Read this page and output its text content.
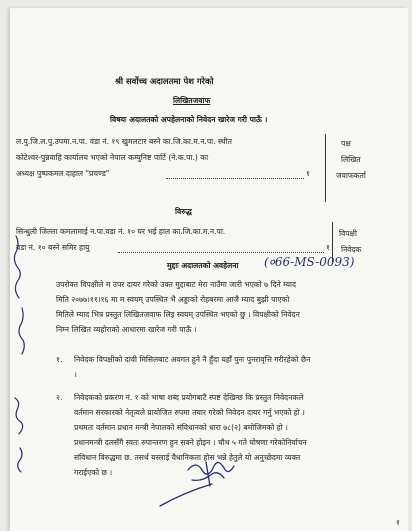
श्री सर्वोच्च अदालतमा पेश गरेको
लिखितजवाफ
विषयः अदालतको अपहेलनाको निवेदन खारेज गरी पाऊँ ।
ल.पु.जि.ल.पु.उपमा.न.पा. वडा नं. १९ खुमलटार बस्ने का.जि.का.म.न.पा. स्थीत
कोटेश्वर-पुन्नवाहि कार्यालय भएको नेपाल कम्युनिष्ट पार्टि (ने.क.पा.) का
अध्यक्ष पुष्पकमल दाहाल "प्रचण्ड"	१
पक्ष
लिखित
जवाफकर्ता
विरुद्ध
सिन्धुली जिल्ला कमलामाई न.पा.वडा नं. १० घर भई हाल का.जि.का.म.न.पा.
वडा नं. १० बस्ने समिर हायु	१
विपक्षी
निवेदक
मुद्दाः अदालतको अवहेलना (०66-MS-0093)
उपरोक्त विपक्षीले म उपर दायर गरेको उक्त मुद्दाबाट मेरा नाउँमा जारी भएको ७ दिने म्याद
मिति २०७७।११।१६ मा म स्वयम् उपस्थित भै अड्डाको रोहबरमा आजै म्याद बुझी पाएको
मितिले म्याद भित्र प्रस्तुत लिखितजवाफ लिइ स्वयम् उपस्थित भएको छु । विपक्षीको निवेदन
निम्न लिखित व्यहोराको आधारमा खारेज गरी पाऊँ ।
१. निवेदक विपक्षीको दावी मिसिलबाट अवगत हुने नै हुँदा यहाँ पुनः पुनरावृत्ति गरीरहेको छैन
।
२. निवेदकको प्रकरण नं. १ को भाषा शब्द प्रयोगबाटै स्पष्ट देखिन्छ कि प्रस्तुत निवेदनकले
वर्तमान सरकारको नेतृत्वले प्रायोजित रुपमा तयार गरेको निवेदन दायर गर्नु भएको हो ।
प्रथमतः वर्तमान प्रधान मन्त्री नेपालको संविधानको धारा ७८(२) बमोजिमको हो ।
प्रधानमन्त्री दलसँगै स्वतः रुपान्तरण हुन सक्ने होइन । चौथ ५ गते घोषणा गरेकोनिर्वाचन
संविधान विरुद्धमा छ. तसर्थ यस्लाई वैधानिकता होस भन्ने हेतुले यो अनुच्छेदमा व्यक्त
गराईएको छ ।
१
